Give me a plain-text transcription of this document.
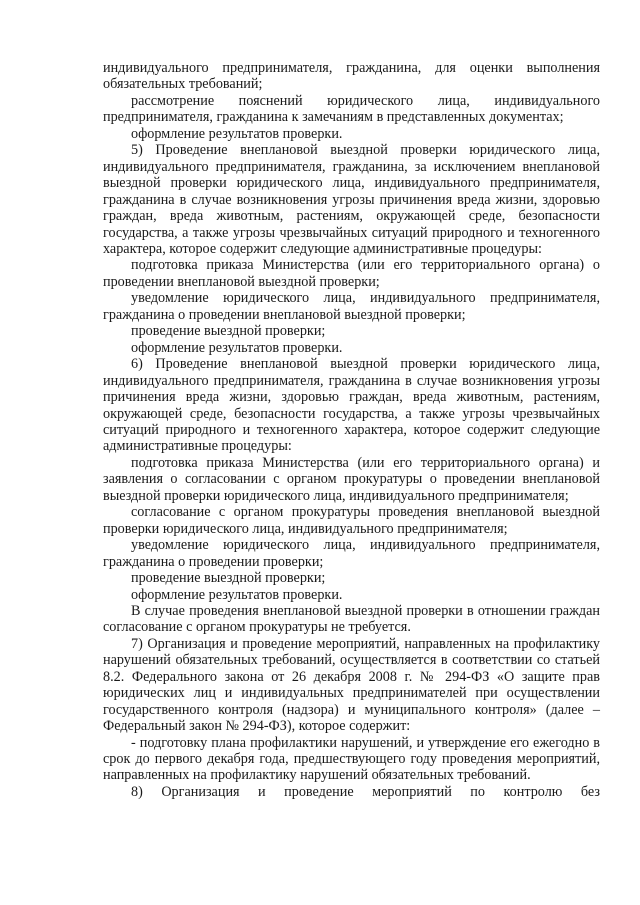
индивидуального предпринимателя, гражданина, для оценки выполнения обязательных требований;

рассмотрение пояснений юридического лица, индивидуального предпринимателя, гражданина к замечаниям в представленных документах;

оформление результатов проверки.

5) Проведение внеплановой выездной проверки юридического лица, индивидуального предпринимателя, гражданина, за исключением внеплановой выездной проверки юридического лица, индивидуального предпринимателя, гражданина в случае возникновения угрозы причинения вреда жизни, здоровью граждан, вреда животным, растениям, окружающей среде, безопасности государства, а также угрозы чрезвычайных ситуаций природного и техногенного характера, которое содержит следующие административные процедуры:

подготовка приказа Министерства (или его территориального органа) о проведении внеплановой выездной проверки;

уведомление юридического лица, индивидуального предпринимателя, гражданина о проведении внеплановой выездной проверки;

проведение выездной проверки;

оформление результатов проверки.

6) Проведение внеплановой выездной проверки юридического лица, индивидуального предпринимателя, гражданина в случае возникновения угрозы причинения вреда жизни, здоровью граждан, вреда животным, растениям, окружающей среде, безопасности государства, а также угрозы чрезвычайных ситуаций природного и техногенного характера, которое содержит следующие административные процедуры:

подготовка приказа Министерства (или его территориального органа) и заявления о согласовании с органом прокуратуры о проведении внеплановой выездной проверки юридического лица, индивидуального предпринимателя;

согласование с органом прокуратуры проведения внеплановой выездной проверки юридического лица, индивидуального предпринимателя;

уведомление юридического лица, индивидуального предпринимателя, гражданина о проведении проверки;

проведение выездной проверки;

оформление результатов проверки.

В случае проведения внеплановой выездной проверки в отношении граждан согласование с органом прокуратуры не требуется.

7) Организация и проведение мероприятий, направленных на профилактику нарушений обязательных требований, осуществляется в соответствии со статьей 8.2. Федерального закона от 26 декабря 2008 г. № 294-ФЗ «О защите прав юридических лиц и индивидуальных предпринимателей при осуществлении государственного контроля (надзора) и муниципального контроля» (далее – Федеральный закон № 294-ФЗ), которое содержит:

- подготовку плана профилактики нарушений, и утверждение его ежегодно в срок до первого декабря года, предшествующего году проведения мероприятий, направленных на профилактику нарушений обязательных требований.

8) Организация и проведение мероприятий по контролю без
